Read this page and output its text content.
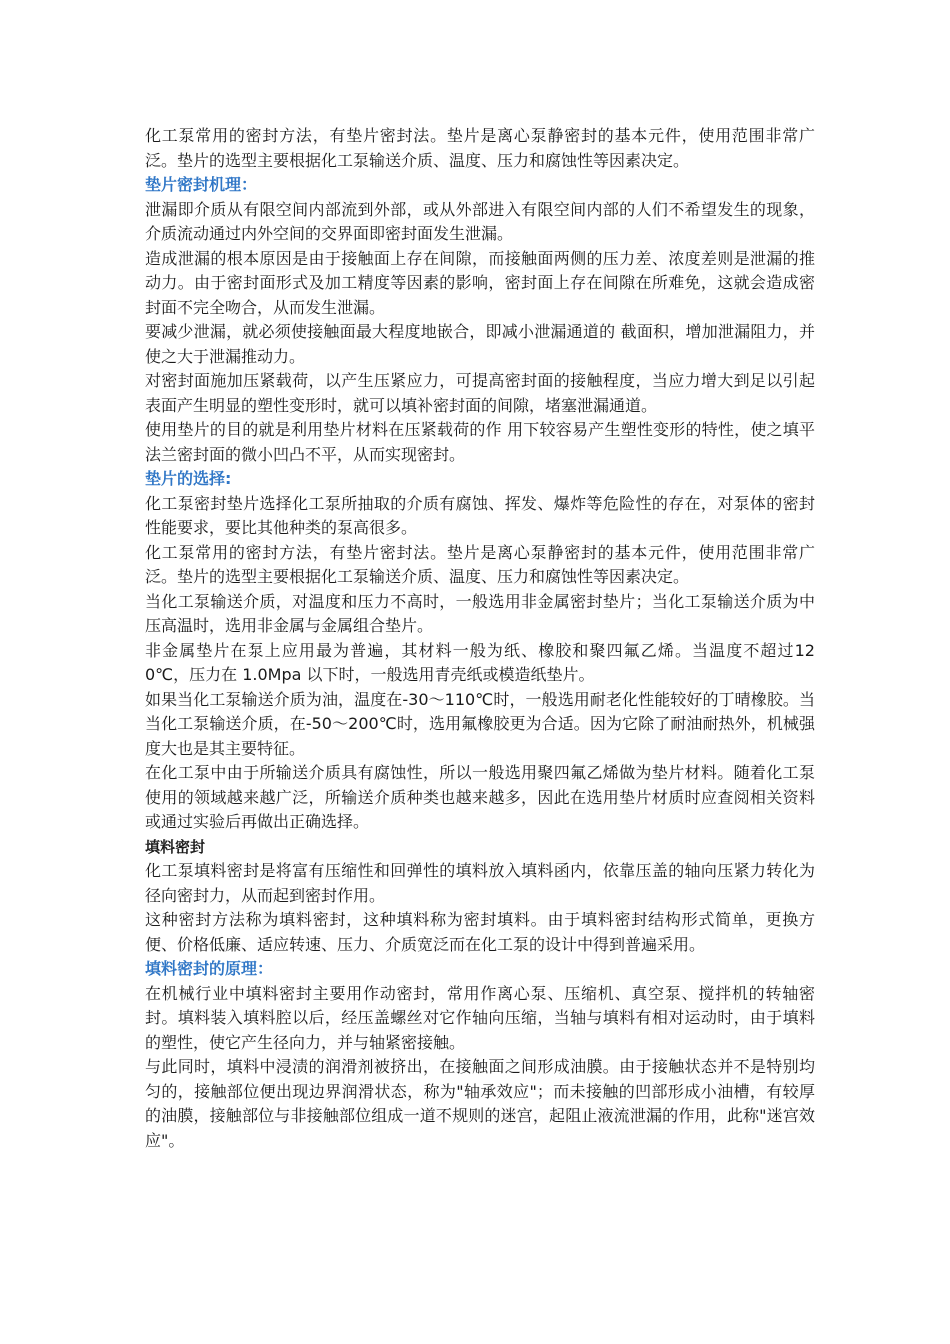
化工泵常用的密封方法，有垫片密封法。垫片是离心泵静密封的基本元件，使用范围非常广泛。垫片的选型主要根据化工泵输送介质、温度、压力和腐蚀性等因素决定。

垫片密封机理：

泄漏即介质从有限空间内部流到外部，或从外部进入有限空间内部的人们不希望发生的现象， 介质流动通过内外空间的交界面即密封面发生泄漏。

造成泄漏的根本原因是由于接触面上存在间隙，而接触面两侧的压力差、浓度差则是泄漏的推动力。由于密封面形式及加工精度等因素的影响，密封面上存在间隙在所难免，这就会造成密封面不完全吻合，从而发生泄漏。

要减少泄漏，就必须使接触面最大程度地嵌合，即减小泄漏通道的 截面积，增加泄漏阻力，并使之大于泄漏推动力。

对密封面施加压紧载荷，以产生压紧应力，可提高密封面的接触程度，当应力增大到足以引起表面产生明显的塑性变形时，就可以填补密封面的间隙，堵塞泄漏通道。

使用垫片的目的就是利用垫片材料在压紧载荷的作 用下较容易产生塑性变形的特性，使之填平法兰密封面的微小凹凸不平，从而实现密封。

垫片的选择:

化工泵密封垫片选择化工泵所抽取的介质有腐蚀、挥发、爆炸等危险性的存在，对泵体的密封性能要求，要比其他种类的泵高很多。

化工泵常用的密封方法，有垫片密封法。垫片是离心泵静密封的基本元件，使用范围非常广泛。垫片的选型主要根据化工泵输送介质、温度、压力和腐蚀性等因素决定。

当化工泵输送介质，对温度和压力不高时，一般选用非金属密封垫片；当化工泵输送介质为中压高温时，选用非金属与金属组合垫片。

非金属垫片在泵上应用最为普遍，其材料一般为纸、橡胶和聚四氟乙烯。当温度不超过120℃，压力在 1.0Mpa 以下时，一般选用青壳纸或模造纸垫片。

如果当化工泵输送介质为油，温度在-30～110℃时，一般选用耐老化性能较好的丁晴橡胶。当当化工泵输送介质，在-50～200℃时，选用氟橡胶更为合适。因为它除了耐油耐热外，机械强度大也是其主要特征。

在化工泵中由于所输送介质具有腐蚀性，所以一般选用聚四氟乙烯做为垫片材料。随着化工泵使用的领域越来越广泛，所输送介质种类也越来越多，因此在选用垫片材质时应查阅相关资料或通过实验后再做出正确选择。

填料密封

化工泵填料密封是将富有压缩性和回弹性的填料放入填料函内，依靠压盖的轴向压紧力转化为径向密封力，从而起到密封作用。

这种密封方法称为填料密封，这种填料称为密封填料。由于填料密封结构形式简单，更换方便、价格低廉、适应转速、压力、介质宽泛而在化工泵的设计中得到普遍采用。

填料密封的原理：

在机械行业中填料密封主要用作动密封，常用作离心泵、压缩机、真空泵、搅拌机的转轴密封。填料装入填料腔以后，经压盖螺丝对它作轴向压缩，当轴与填料有相对运动时，由于填料的塑性，使它产生径向力，并与轴紧密接触。

与此同时，填料中浸渍的润滑剂被挤出，在接触面之间形成油膜。由于接触状态并不是特别均匀的，接触部位便出现边界润滑状态，称为"轴承效应"；而未接触的凹部形成小油槽，有较厚的油膜，接触部位与非接触部位组成一道不规则的迷宫，起阻止液流泄漏的作用，此称"迷宫效应"。
